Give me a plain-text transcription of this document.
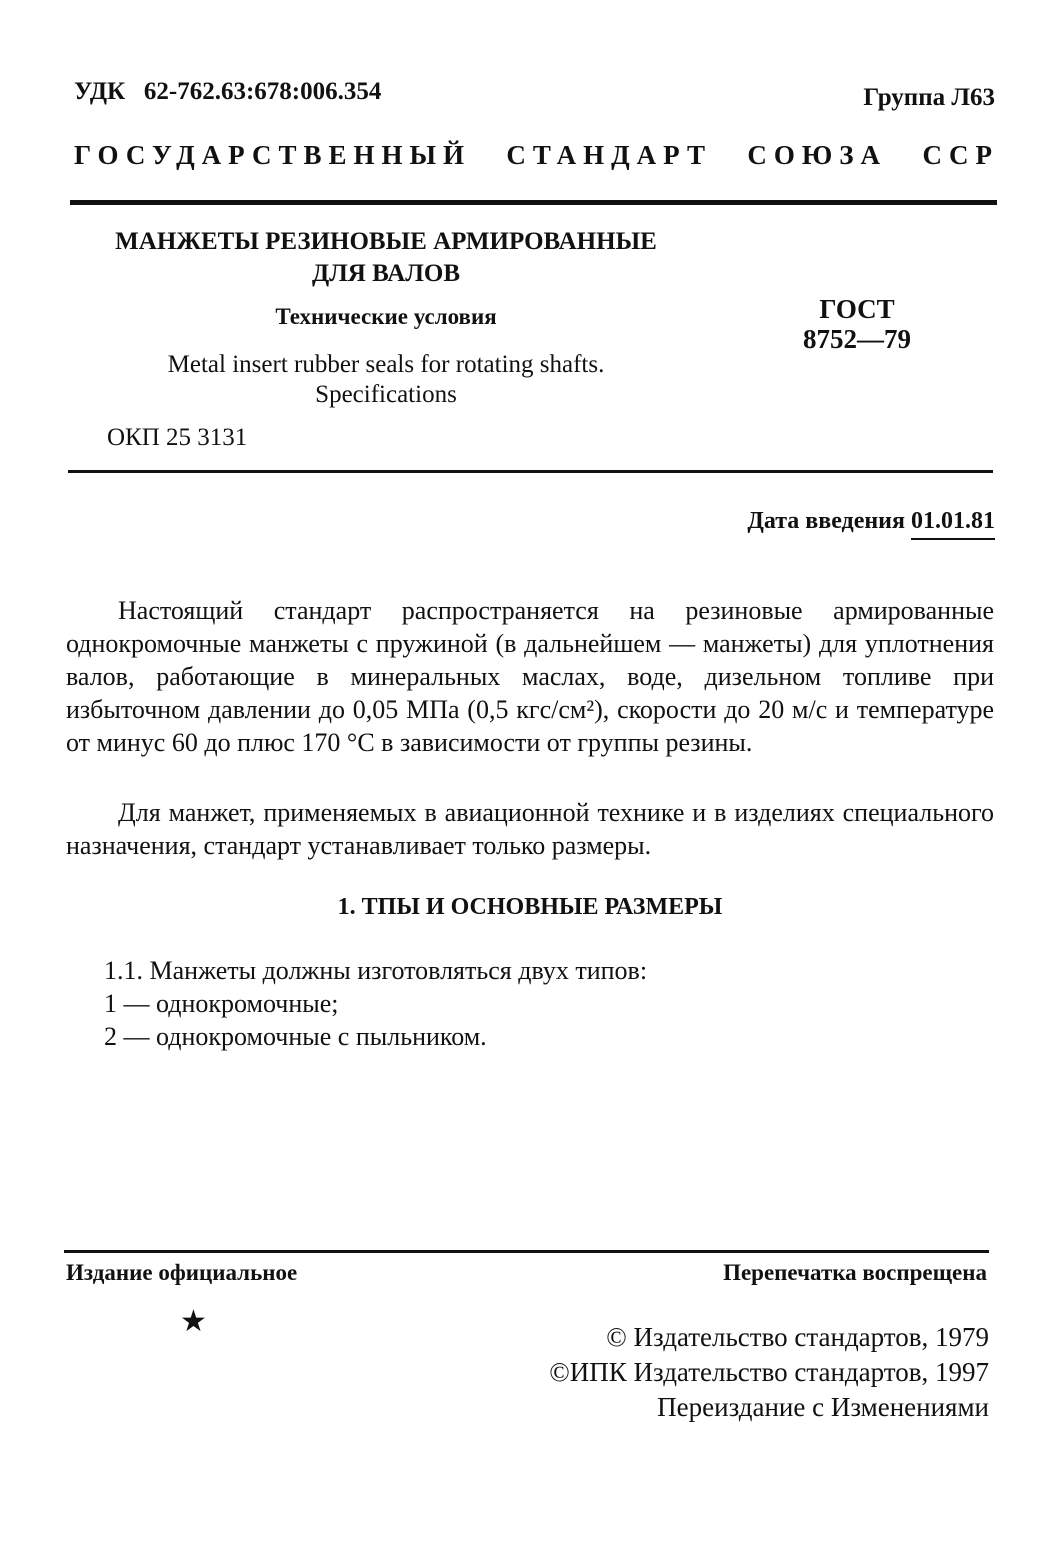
УДК   62-762.63:678:006.354	Группа Л63
ГОСУДАРСТВЕННЫЙ СТАНДАРТ СОЮЗА ССР
МАНЖЕТЫ РЕЗИНОВЫЕ АРМИРОВАННЫЕ
ДЛЯ ВАЛОВ
Технические условия
Metal insert rubber seals for rotating shafts.
Specifications
ОКП 25 3131
ГОСТ
8752—79
Дата введения 01.01.81
Настоящий стандарт распространяется на резиновые армированные однокромочные манжеты с пружиной (в дальнейшем — манжеты) для уплотнения валов, работающие в минеральных маслах, воде, дизельном топливе при избыточном давлении до 0,05 МПа (0,5 кгс/см²), скорости до 20 м/с и температуре от минус 60 до плюс 170 °С в зависимости от группы резины.
Для манжет, применяемых в авиационной технике и в изделиях специального назначения, стандарт устанавливает только размеры.
1. ТПЫ И ОСНОВНЫЕ РАЗМЕРЫ
1.1. Манжеты должны изготовляться двух типов:
1 — однокромочные;
2 — однокромочные с пыльником.
Издание официальное	Перепечатка воспрещена
★	© Издательство стандартов, 1979
©ИПК Издательство стандартов, 1997
Переиздание с Изменениями
